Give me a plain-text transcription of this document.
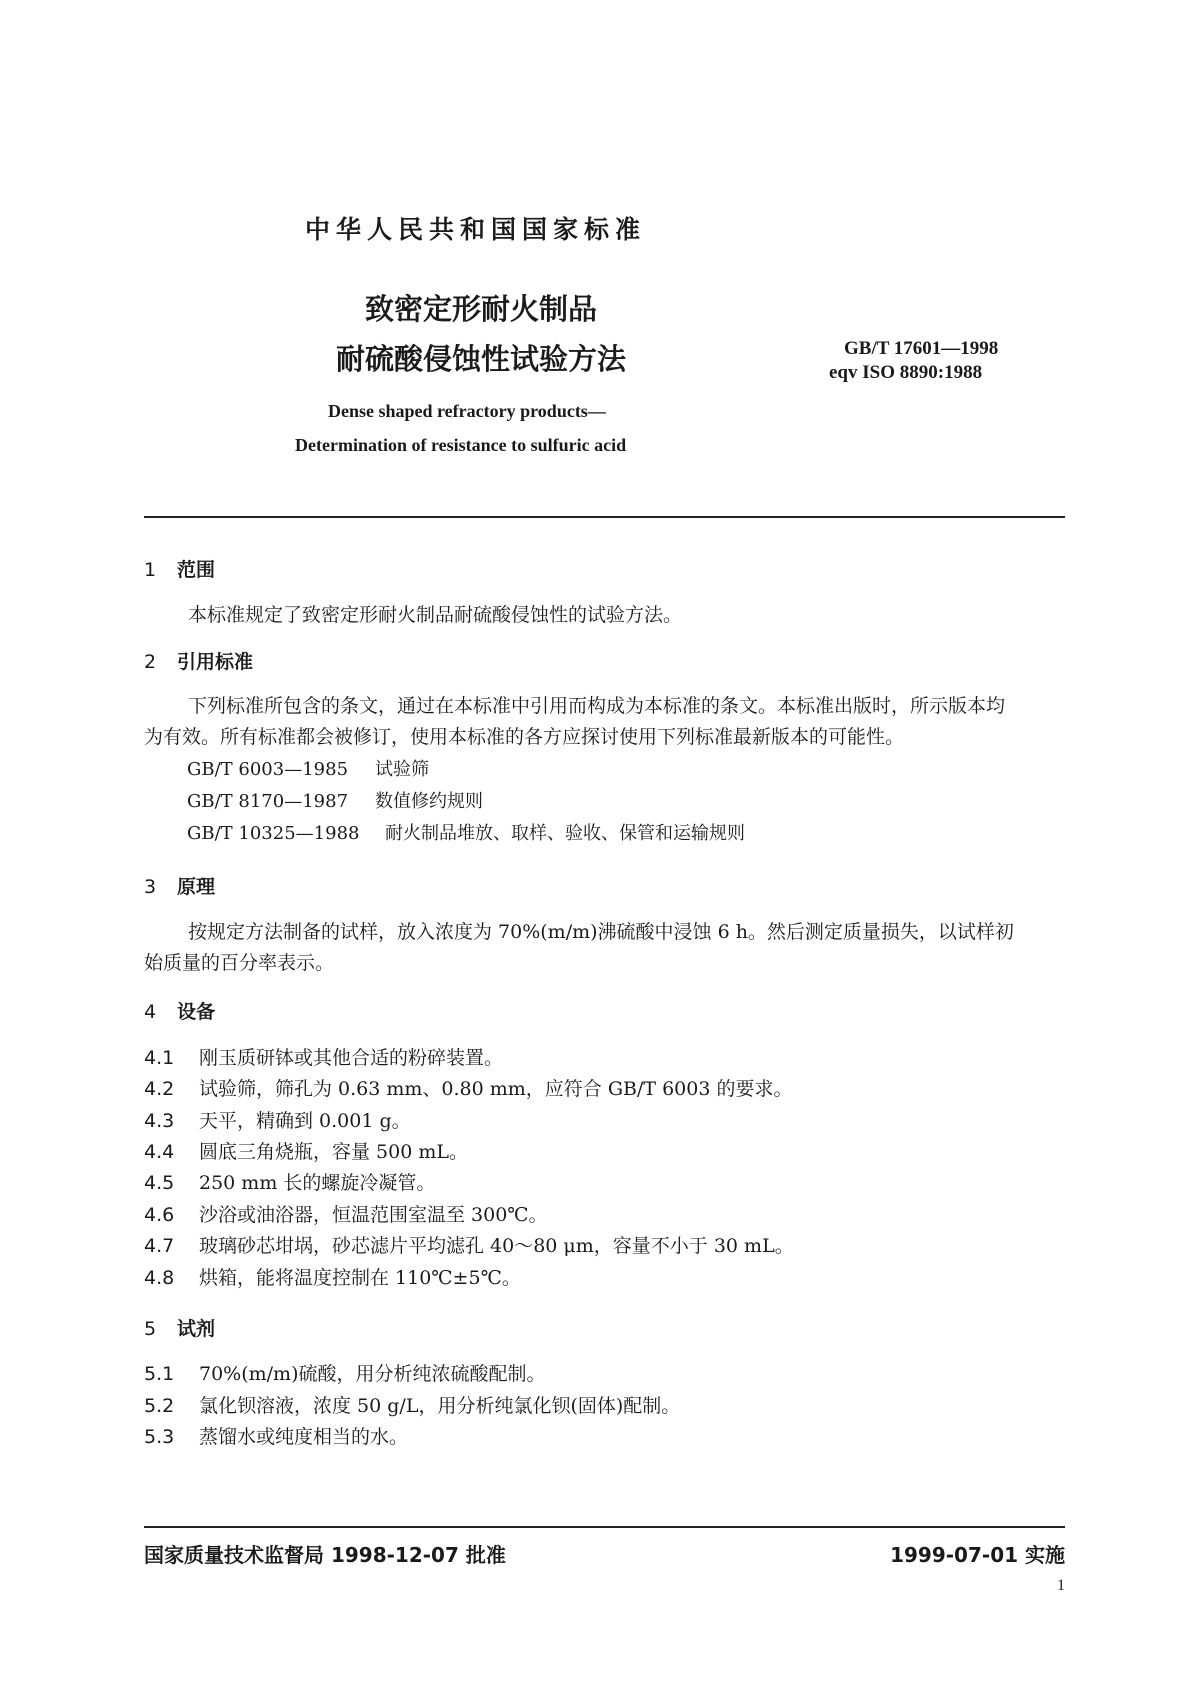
中华人民共和国国家标准
致密定形耐火制品
耐硫酸侵蚀性试验方法	GB/T 17601—1998
eqv ISO 8890:1988
Dense shaped refractory products—
Determination of resistance to sulfuric acid
1 范围
本标准规定了致密定形耐火制品耐硫酸侵蚀性的试验方法。
2 引用标准
下列标准所包含的条文，通过在本标准中引用而构成为本标准的条文。本标准出版时，所示版本均
为有效。所有标准都会被修订，使用本标准的各方应探讨使用下列标准最新版本的可能性。
GB/T 6003—1985 试验筛
GB/T 8170—1987 数值修约规则
GB/T 10325—1988 耐火制品堆放、取样、验收、保管和运输规则
3 原理
按规定方法制备的试样，放入浓度为 70%(m/m)沸硫酸中浸蚀 6 h。然后测定质量损失，以试样初
始质量的百分率表示。
4 设备
4.1 刚玉质研钵或其他合适的粉碎装置。
4.2 试验筛，筛孔为 0.63 mm、0.80 mm，应符合 GB/T 6003 的要求。
4.3 天平，精确到 0.001 g。
4.4 圆底三角烧瓶，容量 500 mL。
4.5 250 mm 长的螺旋冷凝管。
4.6 沙浴或油浴器，恒温范围室温至 300℃。
4.7 玻璃砂芯坩埚，砂芯滤片平均滤孔 40～80 μm，容量不小于 30 mL。
4.8 烘箱，能将温度控制在 110℃±5℃。
5 试剂
5.1 70%(m/m)硫酸，用分析纯浓硫酸配制。
5.2 氯化钡溶液，浓度 50 g/L，用分析纯氯化钡(固体)配制。
5.3 蒸馏水或纯度相当的水。
国家质量技术监督局 1998-12-07 批准	1999-07-01 实施
1
